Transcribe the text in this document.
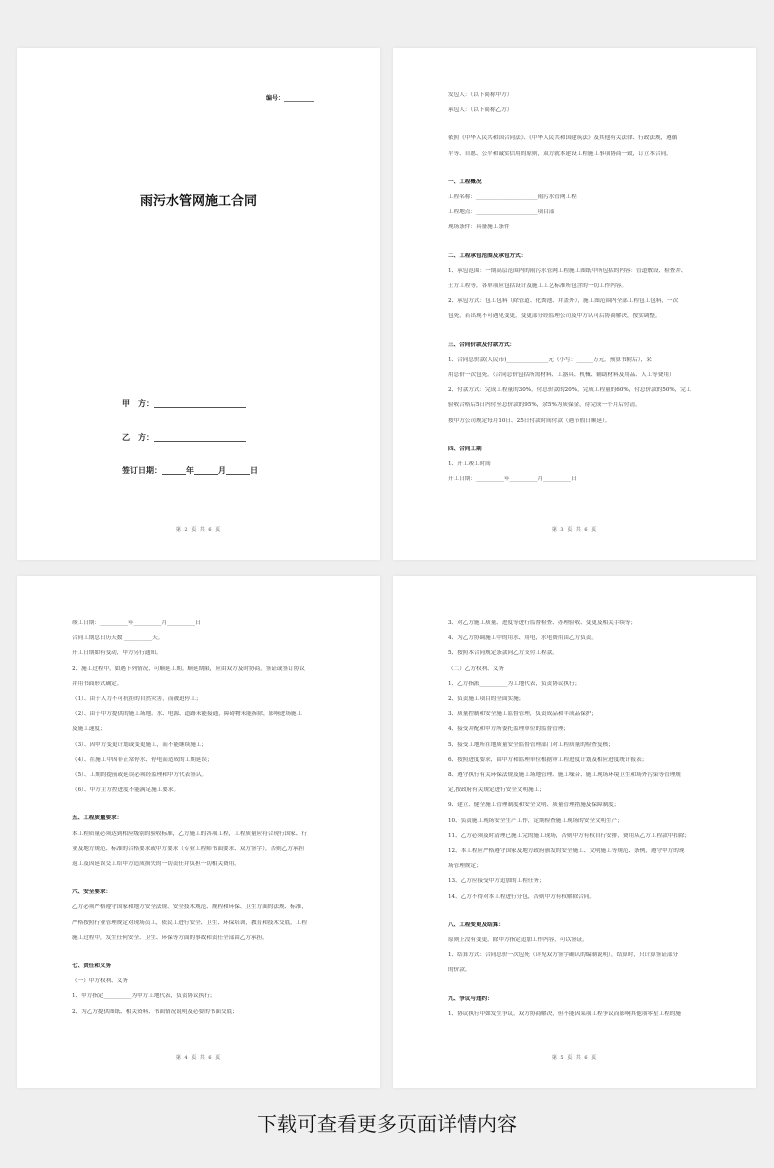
编号：__________
雨污水管网施工合同
甲　方：_______________________
乙　方：_______________________
签订日期：______年______月______日
第 2 页 共 6 页	第 3 页 共 6 页
发包人：（以下简称甲方）
承包人：（以下简称乙方）
依照《中华人民共和国合同法》、《中华人民共和国建筑法》及其他有关法律、行政法规，遵循
平等、自愿、公平和诚实信用的原则，双方就本建设工程施工事项协商一致，订立本合同。
一、工程概况
工程名称：______________________雨污水管网工程
工程地点：______________________项目部
现场条件：具备施工条件
二、工程承包范围及承包方式：
1、承包范围：一期高层范围内的雨污水管网工程施工图纸中所包括的内容：管道敷设、检查井、
土方工程等，各单项应包括设计及施工工艺标准所包含的一切工作内容。
2、承包方式：包工包料（除管道、化粪池、井盖外），施工图范围内全部工程包工包料，一次
包死，若出现不可遇见变更，变更部分经监理公司及甲方认可后协商解决，按实调整。
三、合同价款及付款方式：
1、合同总价款(人民币)_______________元（小写：______万元，预算书附后），采
用总价一次包死。（合同总价包括所需材料、工器具、机械、辅助材料及用品、人工等费用）
2、付款方式：完成工程量的30%，付总价款的20%，完成工程量的60%，付总价款的50%，完工
验收合格后5日内付至总价款的95%，余5%为质保金，待完成一个月后付清。
按甲方公司规定每月10日、25日付款时间付款（遇节假日顺延）。
四、合同工期
1、开工竣工时间
开工日期：__________年__________月__________日
第 4 页 共 6 页
竣工日期：__________年__________月__________日
合同工期总日历天数 __________天。
开工日期如有变动，甲方另行通知。
2、施工过程中，如遇下列情况，可顺延工期。顺延期限，应由双方及时协商，签证或签订协议
并用书面形式确定。
（1）、由于人力不可抗拒的自然灾害，而被迫停工；
（2）、由于甲方提供的施工场地、水、电源、道路未能接通，障碍物未能拆除，影响进场施工
及施工速度；
（3）、因甲方变更计划或变更施工，而不能继续施工；
（4）、在施工中因非正常停水、停电而造成的工期延误；
（5）、工期的提前或延误必须经监理和甲方代表签认。
（6）、甲方主方控进度不能满足施工要求。
五、工程质量要求：
本工程质量必须达到相应级别的验收标准，乙方施工的各项工程，工程质量应符合现行国家、行
业及地方规范、标准的合格要求或甲方要求（专业工程师书面要求、双方签字），否则乙方承担
返工及因延误交工给甲方造成损失的一切责任并负担一切相关费用。
六、安全要求：
乙方必须严格遵守国家和地方安全法规、安全技术规范、规程和环保、卫生方面的法规、标准，
严格按照行业管理规定对现场员工，依民工进行安全、卫生、环保培训，教育和技术交底，工程
施工过程中，发生任何安全、卫生、环保等方面的事故和责任全部由乙方承担。
七、责任和义务
（一）甲方权利、义务
1、甲方指定__________为甲方工地代表，负责协议执行；
2、为乙方提供图纸、相关资料、书面情况说明及必要的书面交底；
第 5 页 共 6 页
3、对乙方施工质量、进度等进行监督检查、办理验收、变更及相关手续等；
4、为乙方协调施工中的用水、用电，水电费用由乙方负责。
5、按照本合同规定条款向乙方支付工程款。
（二）乙方权利、义务
1、乙方指派__________为工地代表，负责协议执行；
2、负责施工项目的全面实施；
3、质量控制和安全施工监督管理，负责成品和半成品保护；
4、接受并配和甲方所委托监理单位的监督管理；
5、接受工地所在地质量安全监督管理部门对工程质量的检查复核；
6、按照进度要求，由甲方和监理单位根据审工程进度计划及相应进度统计报表；
8、遵守执行有关环保法规及施工场地管理、施工噪音、施工现场环境卫生和场外污染等管理规
定,按政府有关规定进行安全文明施工；
9、建立、健全施工管理制度和安全文明、质量管理措施及保障制度；
10、负责施工现场安全生产工作，定期检查施工现场的安全文明生产；
11、乙方必须及时清理已施工完的施工现场，否则甲方有权自行安排，费用从乙方工程款中扣除；
12、本工程应严格遵守国家及地方政府颁发的安全施工、文明施工等规范、条例，遵守甲方的现
场管理规定；
13、乙方应接受甲方追加的工程任务；
14、乙方不得对本工程进行分包，否则甲方有权解除合同。
八、工程变更及结算：
原则上没有变更，除甲方指定追加工作内容，可以签证。
1、结算方式：合同总价一次包死（详见双方签字确认的编制说明），结算时，只计算签证部分
的价款。
九、争议与违约：
1、协议执行中如发生争议，双方协商解决，但不能因某项工程争议而影响其他项零星工程的施
下载可查看更多页面详情内容
